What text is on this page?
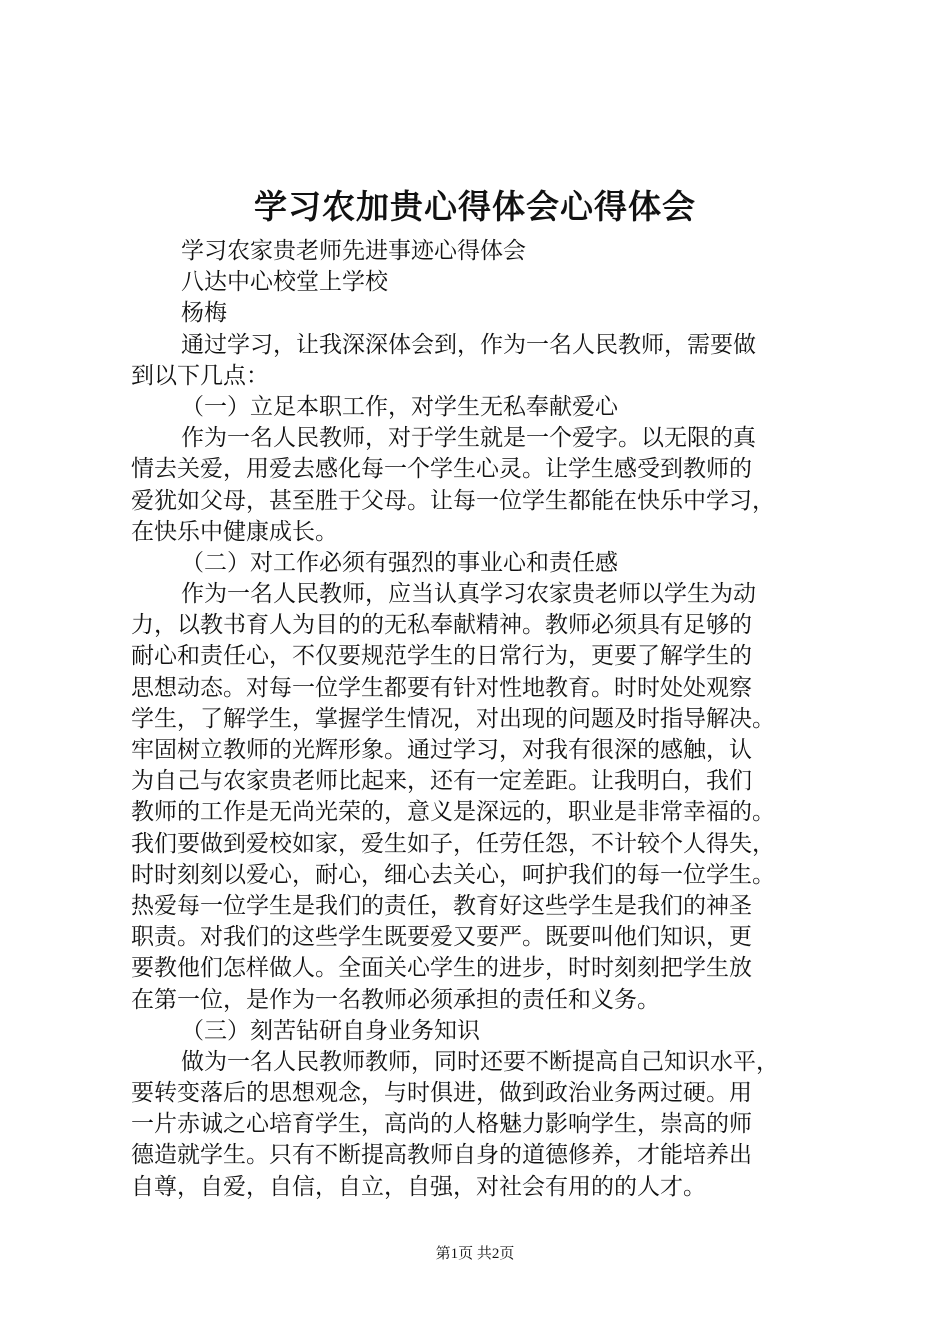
学习农加贵心得体会心得体会
学习农家贵老师先进事迹心得体会
八达中心校堂上学校
杨梅
通过学习，让我深深体会到，作为一名人民教师，需要做
到以下几点：
（一）立足本职工作，对学生无私奉献爱心
作为一名人民教师，对于学生就是一个爱字。以无限的真
情去关爱，用爱去感化每一个学生心灵。让学生感受到教师的
爱犹如父母，甚至胜于父母。让每一位学生都能在快乐中学习，
在快乐中健康成长。
（二）对工作必须有强烈的事业心和责任感
作为一名人民教师，应当认真学习农家贵老师以学生为动
力，以教书育人为目的的无私奉献精神。教师必须具有足够的
耐心和责任心，不仅要规范学生的日常行为，更要了解学生的
思想动态。对每一位学生都要有针对性地教育。时时处处观察
学生，了解学生，掌握学生情况，对出现的问题及时指导解决。
牢固树立教师的光辉形象。通过学习，对我有很深的感触，认
为自己与农家贵老师比起来，还有一定差距。让我明白，我们
教师的工作是无尚光荣的，意义是深远的，职业是非常幸福的。
我们要做到爱校如家，爱生如子，任劳任怨，不计较个人得失，
时时刻刻以爱心，耐心，细心去关心，呵护我们的每一位学生。
热爱每一位学生是我们的责任，教育好这些学生是我们的神圣
职责。对我们的这些学生既要爱又要严。既要叫他们知识，更
要教他们怎样做人。全面关心学生的进步，时时刻刻把学生放
在第一位，是作为一名教师必须承担的责任和义务。
（三）刻苦钻研自身业务知识
做为一名人民教师教师，同时还要不断提高自己知识水平，
要转变落后的思想观念，与时俱进，做到政治业务两过硬。用
一片赤诚之心培育学生，高尚的人格魅力影响学生，崇高的师
德造就学生。只有不断提高教师自身的道德修养，才能培养出
自尊，自爱，自信，自立，自强，对社会有用的的人才。
第1页 共2页
